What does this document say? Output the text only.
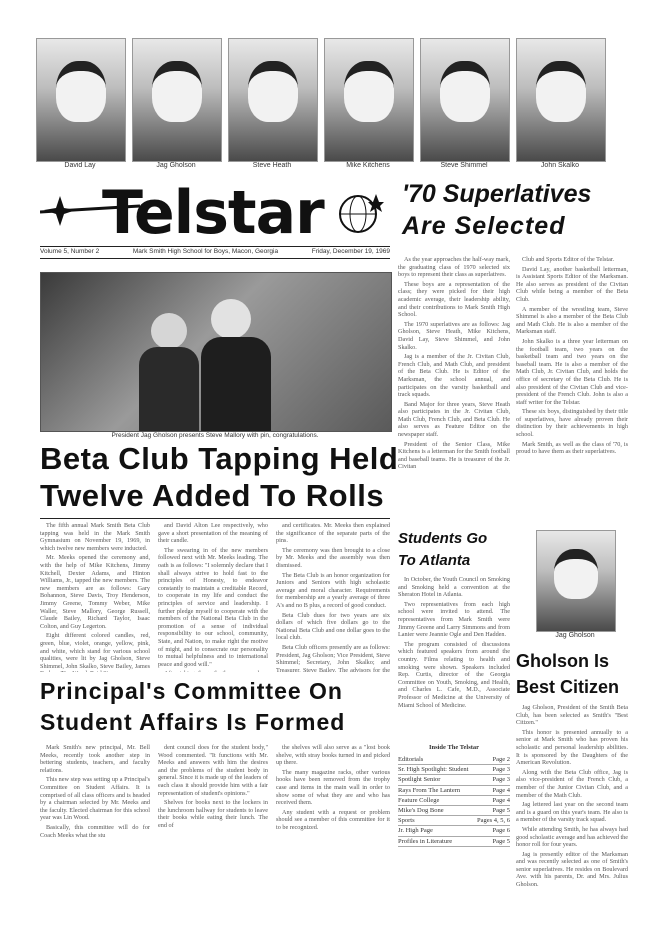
David Lay	Jag Gholson	Steve Heath	Mike Kitchens	Steve Shimmel	John Skalko
Telstar
Volume 5, Number 2	Mark Smith High School for Boys, Macon, Georgia	Friday, December 19, 1969
'70 Superlatives
Are Selected

As the year approaches the half-way mark, the graduating class of 1970 selected six boys to represent their class as superlatives.

These boys are a representation of the class; they were picked for their high academic average, their leadership ability, and their contributions to Mark Smith High School.

The 1970 superlatives are as follows: Jag Gholson, Steve Heath, Mike Kitchens, David Lay, Steve Shimmel, and John Skalko.

Jag is a member of the Jr. Civitan Club, French Club, and Math Club, and president of the Beta Club. He is Editor of the Marksman, the school annual, and participates on the varsity basketball and track squads.

Band Major for three years, Steve Heath also participates in the Jr. Civitan Club, Math Club, French Club, and Beta Club. He also serves as Feature Editor on the newspaper staff.

President of the Senior Class, Mike Kitchens is a letterman for the Smith football and baseball teams. He is treasurer of the Jr. Civitan

Club and Sports Editor of the Telstar.

David Lay, another basketball letterman, is Assistant Sports Editor of the Marksman. He also serves as president of the Civitan Club while being a member of the Beta Club.

A member of the wrestling team, Steve Shimmel is also a member of the Beta Club and Math Club. He is also a member of the Marksman staff.

John Skalko is a three year letterman on the football team, two years on the basketball team and two years on the baseball team. He is also a member of the Math Club, Jr. Civitan Club, and holds the office of secretary of the Beta Club. He is also president of the Civitan Club and vice-president of the French Club. John is also a staff writer for the Telstar.

These six boys, distinguished by their title of superlatives, have already proven their distinction by their achievements in high school.

Mark Smith, as well as the class of '70, is proud to have them as their superlatives.

President Jag Gholson presents Steve Mallory with pin, congratulations.
Beta Club Tapping Held
Twelve Added To Rolls

The fifth annual Mark Smith Beta Club tapping was held in the Mark Smith Gymnasium on November 19, 1969, in which twelve new members were inducted.

Mr. Meeks opened the ceremony and, with the help of Mike Kitchens, Jimmy Kitchell, Dexter Adams, and Hinton Williams, Jr., tapped the new members. The new members are as follows: Gary Bohannon, Steve Davis, Troy Henderson, Jimmy Greene, Tommy Weber, Mike Waller, Steve Mallory, George Russell, Claude Bailey, Richard Taylor, Isaac Colton, and Guy Legerton.

Eight different colored candles, red, green, blue, violet, orange, yellow, pink, and white, which stand for various school qualities, were lit by Jag Gholson, Steve Shimmel, John Skalko, Steve Bailey, James

and David Alton Lee respectively, who gave a short presentation of the meaning of their candle.

The swearing in of the new members followed next with Mr. Meeks leading. The oath is as follows: "I solemnly declare that I shall always strive to hold fast to the principles of Honesty, to endeavor constantly to maintain a creditable Record, to cooperate in my life and conduct the principles of service and leadership. I further pledge myself to cooperate with the members of the National Beta Club in the promotion of a sense of individual responsibility to our school, community, State, and Nation, to make right the motive of might, and to consecrate our personality to mutual helpfulness and to international peace and good will."

and certificates. Mr. Meeks then explained the significance of the separate parts of the pins.

The ceremony was then brought to a close by Mr. Meeks and the assembly was then dismissed.

The Beta Club is an honor organization for Juniors and Seniors with high scholastic average and moral character. Requirements for membership are a yearly average of three A's and no B plus, a record of good conduct.

Beta Club dues for two years are six dollars of which five dollars go to the National Beta Club and one dollar goes to the local club.

Beta Club officers presently are as follows: President, Jag Gholson; Vice President, Steve Shimmel; Secretary, John Skalko; and Treasurer, Steve Bailey. The advisors for the

Principal's Committee On
Student Affairs Is Formed

Mark Smith's new principal, Mr. Bell Meeks, recently took another step in bettering students, teachers, and faculty relations.

This new step was setting up a Principal's Committee on Student Affairs. It is comprised of all class officers and is headed by a chairman selected by Mr. Meeks and the faculty. Elected chairman for this school year was Lin Wood.

Basically, this committee will do for Coach Meeks what the stu

dent council does for the student body," Wood commented. "It functions with Mr. Meeks and answers with him the desires and the problems of the student body in general. Since it is made up of the leaders of each class it should provide him with a fair representation of student's opinions."

Shelves for books next to the lockers in the lunchroom hallway for students to leave their books while eating their lunch. The end of

the shelves will also serve as a "lost book shelve, with stray books turned in and picked up there.

The many magazine racks, other various hooks have been removed from the trophy case and items in the main wall in order to show some of what they are and who has received them.

Any student with a request or problem should see a member of this committee for it to be recognized.

Students Go
To Atlanta

In October, the Youth Council on Smoking and Smoking held a convention at the Sheraton Hotel in Atlanta.

Two representatives from each high school were invited to attend. The representatives from Mark Smith were Jimmy Greene and Larry Simmons and from Lanier were Jeannie Ogle and Den Hadden.

The program consisted of discussions which featured speakers from around the country. Films relating to health and smoking were shown. Speakers included Rep. Curtis, director of the Georgia Committee on Youth, Smoking, and Health, and Charles L. Cafe, M.D., Associate Professor of Medicine at the University of Miami School of Medicine.

Inside The Telstar
Editorials	Page 2
Sr. High Spotlight: Student	Page 3
Spotlight Senior	Page 3
Rays From The Lantern	Page 4
Feature College	Page 4
Mike's Dog Bone	Page 5
Sports	Pages 4, 5, 6
Jr. High Page	Page 6
Profiles in Literature	Page 5
Jag Gholson
Gholson Is
Best Citizen

Jag Gholson, President of the Smith Beta Club, has been selected as Smith's "Best Citizen."

This honor is presented annually to a senior at Mark Smith who has proven his scholastic and personal leadership abilities. It is sponsored by the Daughters of the American Revolution.

Along with the Beta Club office, Jag is also vice-president of the French Club, a member of the Junior Civitan Club, and a member of the Math Club.

Jag lettered last year on the second team and is a guard on this year's team. He also is a member of the varsity track squad.

While attending Smith, he has always had good scholastic average and has achieved the honor roll for four years.

Jag is presently editor of the Marksman and was recently selected as one of Smith's senior superlatives. He resides on Boulevard Ave. with his parents, Dr. and Mrs. Julius Gholson.
